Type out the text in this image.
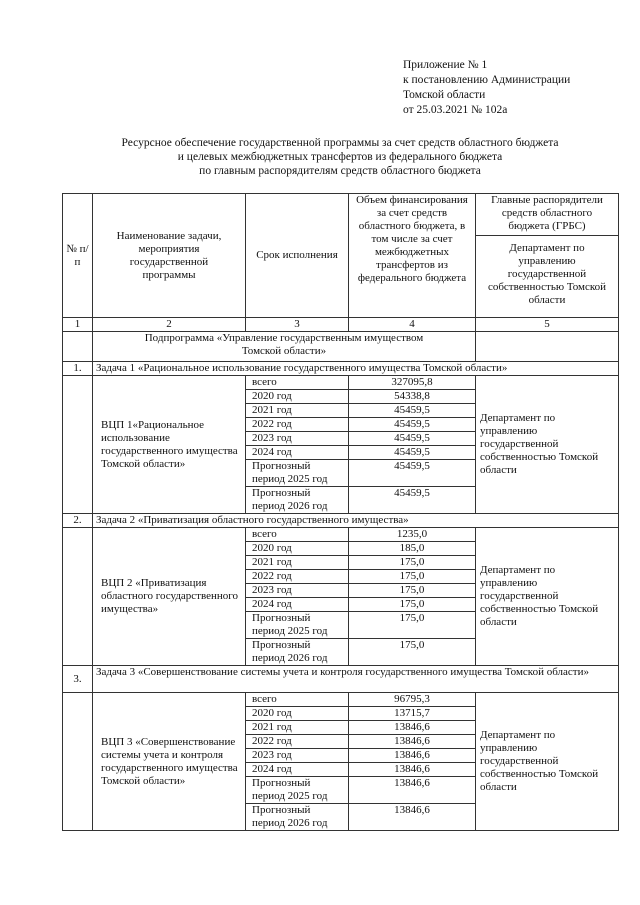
Приложение № 1
к постановлению Администрации
Томской области
от 25.03.2021 № 102а
Ресурсное обеспечение государственной программы за счет средств областного бюджета
и целевых межбюджетных трансфертов из федерального бюджета
по главным распорядителям средств областного бюджета
№ п/п	Наименование задачи, мероприятия государственной программы	Срок исполнения	Объем финансирования за счет средств областного бюджета, в том числе за счет межбюджетных трансфертов из федерального бюджета	Главные распорядители средств областного бюджета (ГРБС)
				Департамент по управлению государственной собственностью Томской области
1	2	3	4	5
	Подпрограмма «Управление государственным имуществом Томской области»			
1.	Задача 1 «Рациональное использование государственного имущества Томской области»			
	ВЦП 1«Рациональное использование государственного имущества Томской области»	всего	327095,8	Департамент по управлению государственной собственностью Томской области
		2020 год	54338,8	
		2021 год	45459,5	
		2022 год	45459,5	
		2023 год	45459,5	
		2024 год	45459,5	
		Прогнозный период 2025 год	45459,5	
		Прогнозный период 2026 год	45459,5	
2.	Задача 2 «Приватизация областного государственного имущества»			
	ВЦП 2 «Приватизация областного государственного имущества»	всего	1235,0	Департамент по управлению государственной собственностью Томской области
		2020 год	185,0	
		2021 год	175,0	
		2022 год	175,0	
		2023 год	175,0	
		2024 год	175,0	
		Прогнозный период 2025 год	175,0	
		Прогнозный период 2026 год	175,0	
3.	Задача 3 «Совершенствование системы учета и контроля государственного имущества Томской области»			
	ВЦП 3 «Совершенствование системы учета и контроля государственного имущества Томской области»	всего	96795,3	Департамент по управлению государственной собственностью Томской области
		2020 год	13715,7	
		2021 год	13846,6	
		2022 год	13846,6	
		2023 год	13846,6	
		2024 год	13846,6	
		Прогнозный период 2025 год	13846,6	
		Прогнозный период 2026 год	13846,6	
